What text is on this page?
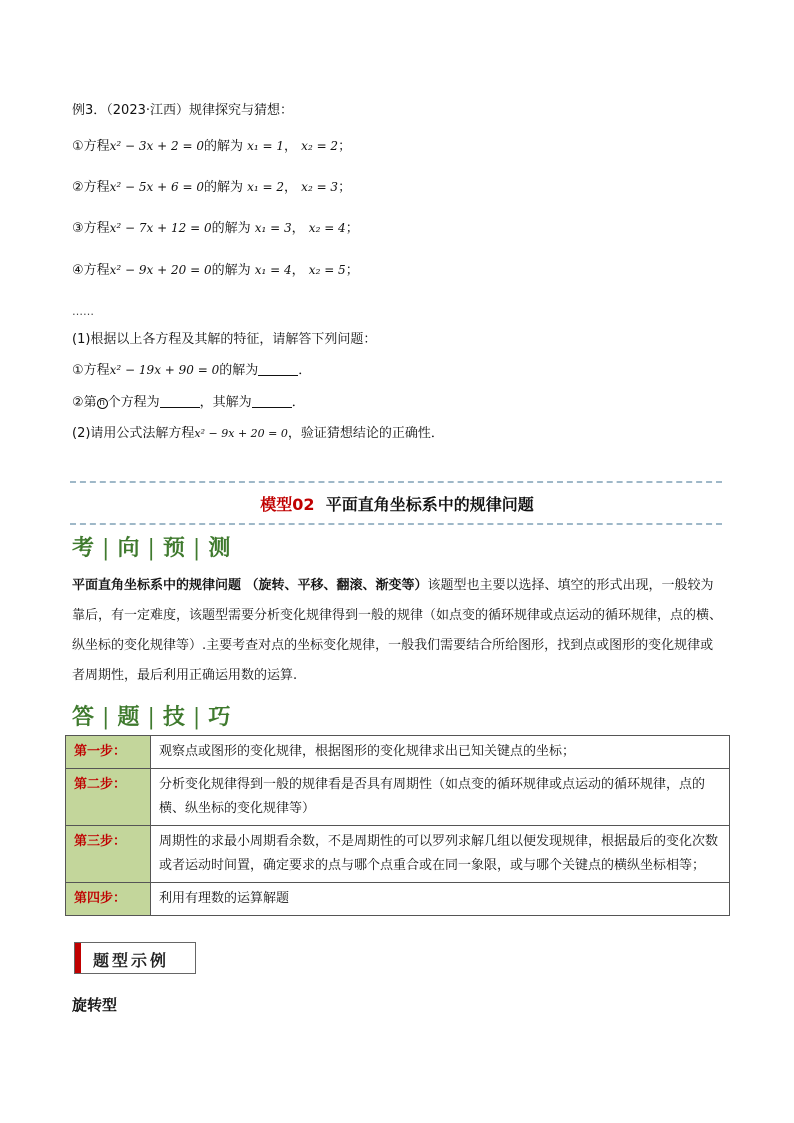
例3．（2023·江西）规律探究与猜想：
①方程x² − 3x + 2 = 0的解为 x₁ = 1， x₂ = 2；
②方程x² − 5x + 6 = 0的解为 x₁ = 2， x₂ = 3；
③方程x² − 7x + 12 = 0的解为 x₁ = 3， x₂ = 4；
④方程x² − 9x + 20 = 0的解为 x₁ = 4， x₂ = 5；
……
(1)根据以上各方程及其解的特征，请解答下列问题：
①方程x² − 19x + 90 = 0的解为	．
②第 n 个方程为	，其解为	．
(2)请用公式法解方程x² − 9x + 20 = 0，验证猜想结论的正确性．
模型02 平面直角坐标系中的规律问题
考 | 向 | 预 | 测
平面直角坐标系中的规律问题 （旋转、平移、翻滚、渐变等）该题型也主要以选择、填空的形式出现，一般较为靠后，有一定难度，该题型需要分析变化规律得到一般的规律（如点变的循环规律或点运动的循环规律，点的横、纵坐标的变化规律等）.主要考查对点的坐标变化规律，一般我们需要结合所给图形，找到点或图形的变化规律或者周期性，最后利用正确运用数的运算.
答 | 题 | 技 | 巧
第一步：	观察点或图形的变化规律，根据图形的变化规律求出已知关键点的坐标；
第二步：	分析变化规律得到一般的规律看是否具有周期性（如点变的循环规律或点运动的循环规律，点的横、纵坐标的变化规律等）
第三步：	周期性的求最小周期看余数，不是周期性的可以罗列求解几组以便发现规律，根据最后的变化次数或者运动时间置，确定要求的点与哪个点重合或在同一象限，或与哪个关键点的横纵坐标相等；
第四步：	利用有理数的运算解题
题型示例
旋转型
